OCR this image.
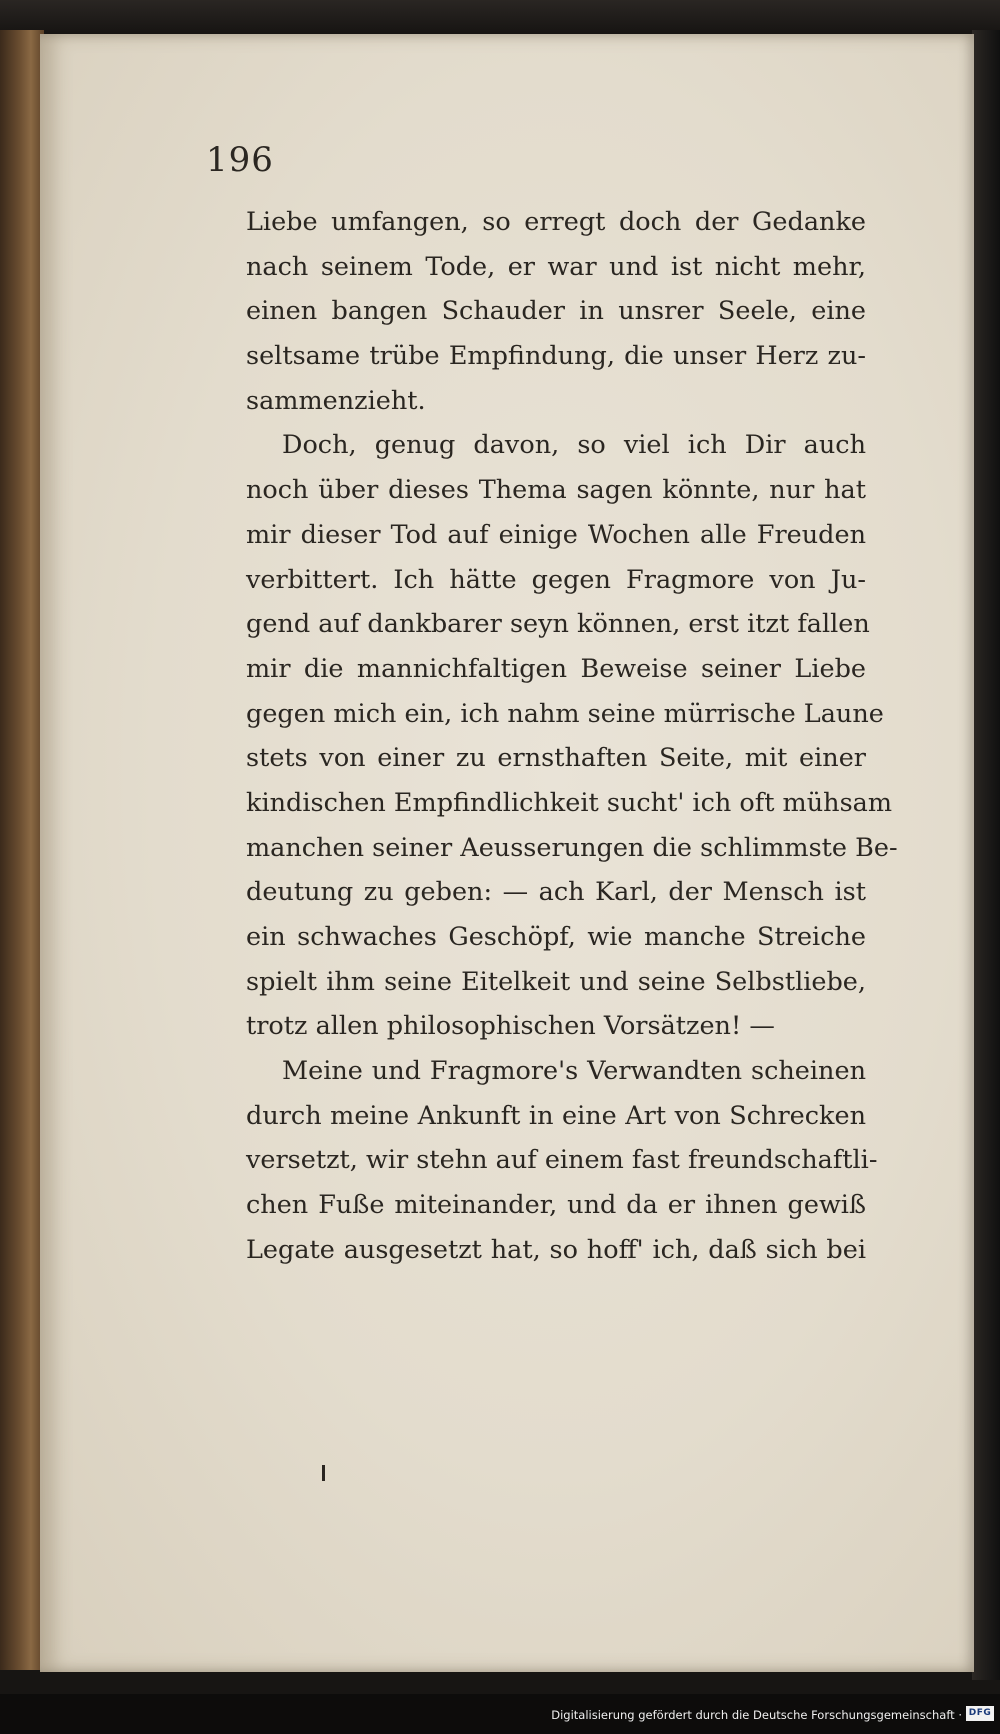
196
Liebe umfangen, so erregt doch der Gedanke
nach seinem Tode, er war und ist nicht mehr,
einen bangen Schauder in unsrer Seele, eine
seltsame trübe Empfindung, die unser Herz zu-
sammenzieht.
Doch, genug davon, so viel ich Dir auch
noch über dieses Thema sagen könnte, nur hat
mir dieser Tod auf einige Wochen alle Freuden
verbittert. Ich hätte gegen Fragmore von Ju-
gend auf dankbarer seyn können, erst itzt fallen
mir die mannichfaltigen Beweise seiner Liebe
gegen mich ein, ich nahm seine mürrische Laune
stets von einer zu ernsthaften Seite, mit einer
kindischen Empfindlichkeit sucht' ich oft mühsam
manchen seiner Aeusserungen die schlimmste Be-
deutung zu geben: — ach Karl, der Mensch ist
ein schwaches Geschöpf, wie manche Streiche
spielt ihm seine Eitelkeit und seine Selbstliebe,
trotz allen philosophischen Vorsätzen! —
Meine und Fragmore's Verwandten scheinen
durch meine Ankunft in eine Art von Schrecken
versetzt, wir stehn auf einem fast freundschaftli-
chen Fuße miteinander, und da er ihnen gewiß
Legate ausgesetzt hat, so hoff' ich, daß sich bei
Digitalisierung gefördert durch die Deutsche Forschungsgemeinschaft · DFG
